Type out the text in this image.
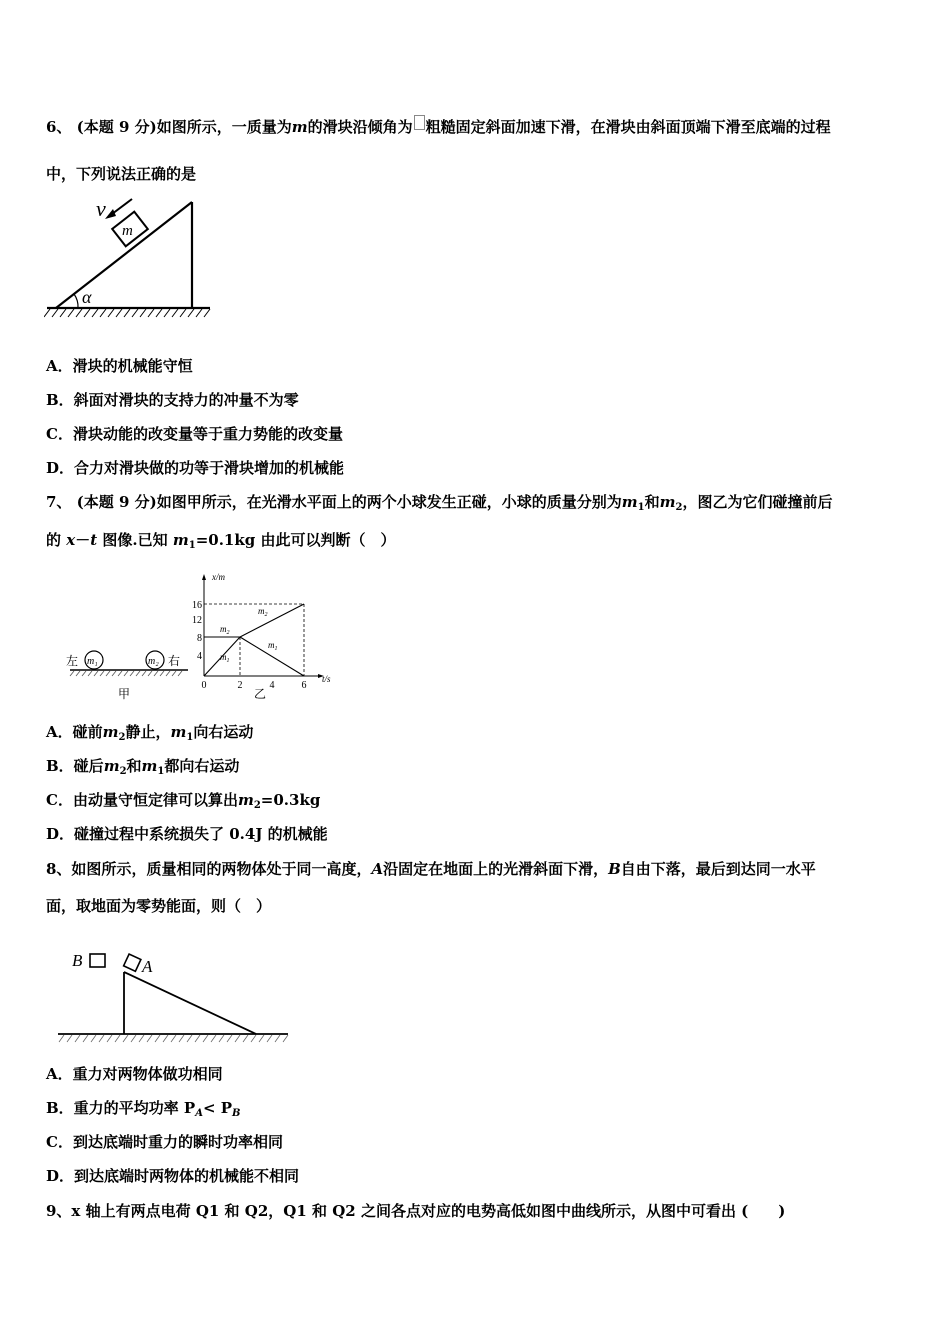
6、 (本题 9 分)如图所示，一质量为m的滑块沿倾角为 粗糙固定斜面加速下滑，在滑块由斜面顶端下滑至底端的过程
中，下列说法正确的是
m
v
α
A．滑块的机械能守恒
B．斜面对滑块的支持力的冲量不为零
C．滑块动能的改变量等于重力势能的改变量
D．合力对滑块做的功等于滑块增加的机械能
7、 (本题 9 分)如图甲所示，在光滑水平面上的两个小球发生正碰，小球的质量分别为$m_1$和$m_2$，图乙为它们碰撞前后
的 x－t 图像.已知 $m_1=0.1kg$ 由此可以判断（　）
左 m₁	m₂ 右
甲
x/m
t/s
4
8
12
16
0	2	4	6
$m_2$
$m_1$
$m_2$
$m_1$
乙
A．碰前$m_2$静止，$m_1$向右运动
B．碰后$m_2$和$m_1$都向右运动
C．由动量守恒定律可以算出$m_2=0.3kg$
D．碰撞过程中系统损失了 0.4J 的机械能
8、如图所示，质量相同的两物体处于同一高度，A沿固定在地面上的光滑斜面下滑，B自由下落，最后到达同一水平
面，取地面为零势能面，则（　）
A
B
A．重力对两物体做功相同
B．重力的平均功率 $P_A< P_B$
C．到达底端时重力的瞬时功率相同
D．到达底端时两物体的机械能不相同
9、x 轴上有两点电荷 Q1 和 Q2，Q1 和 Q2 之间各点对应的电势高低如图中曲线所示，从图中可看出 (　　)
